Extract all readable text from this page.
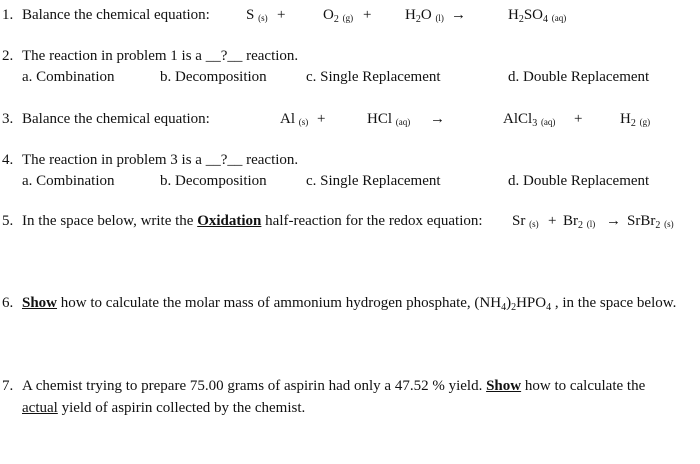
1. Balance the chemical equation: S (s) +	$O_2$ $(g) + H_2O$ (l) →	$H_2SO_4$ (aq)
2. The reaction in problem 1 is a __?__ reaction.
a. Combination	b. Decomposition	c. Single Replacement	d. Double Replacement
3. Balance the chemical equation:	Al (s) +	HCl (aq) →	AlCl$_3$ (aq) +	$H_2$ (g)
4. The reaction in problem 3 is a __?__ reaction.
a. Combination	b. Decomposition	c. Single Replacement	d. Double Replacement
5. In the space below, write the Oxidation half-reaction for the redox equation: Sr $(s) + Br_2$ (l) → SrBr$_2$ (s)
6. Show how to calculate the molar mass of ammonium hydrogen phosphate, $(NH_4)_2HPO_4$ , in the space below.
7. A chemist trying to prepare 75.00 grams of aspirin had only a 47.52 % yield. Show how to calculate the
actual yield of aspirin collected by the chemist.
